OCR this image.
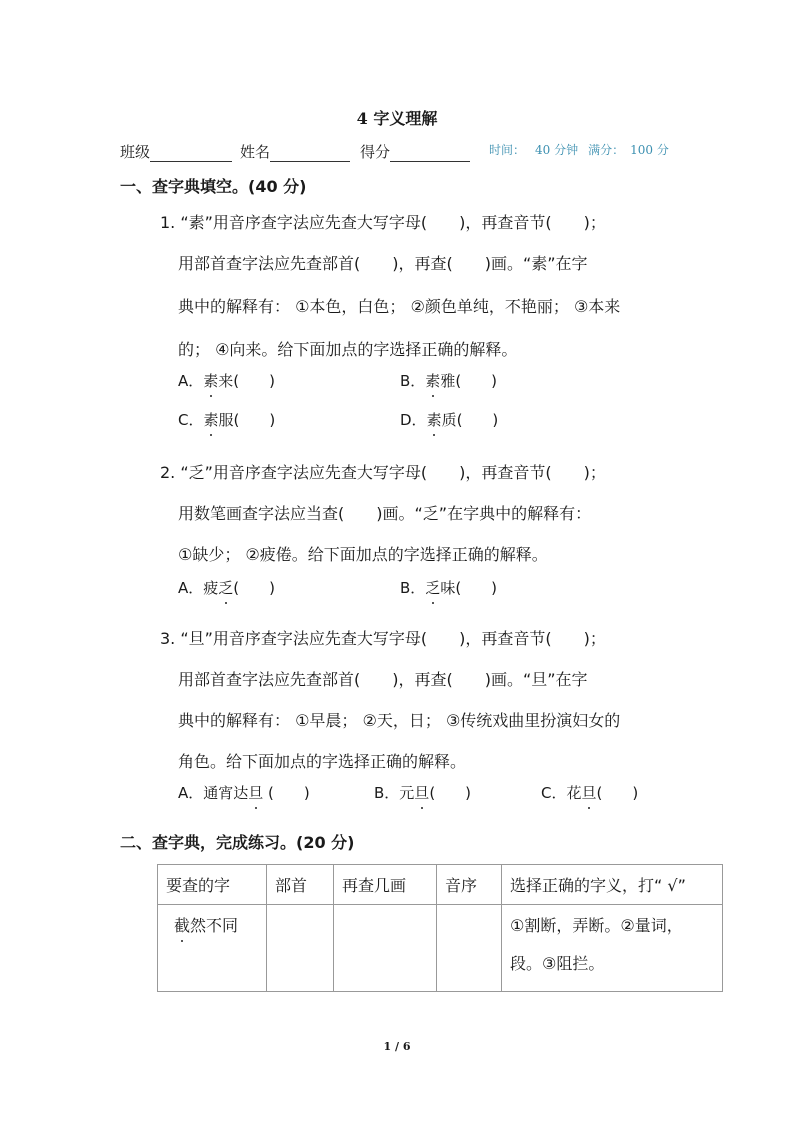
4 字义理解
班级	姓名	得分	时间： 40 分钟 满分： 100 分
一、查字典填空。(40 分)
1. “素”用音序查字法应先查大写字母(　　)，再查音节(　　)；
用部首查字法应先查部首(　　)，再查(　　)画。“素”在字
典中的解释有： ①本色，白色； ②颜色单纯，不艳丽； ③本来
的； ④向来。给下面加点的字选择正确的解释。
A．素来(　　)	B．素雅(　　)
C．素服(　　)	D．素质(　　)
2. “乏”用音序查字法应先查大写字母(　　)，再查音节(　　)；
用数笔画查字法应当查(　　)画。“乏”在字典中的解释有：
①缺少； ②疲倦。给下面加点的字选择正确的解释。
A．疲乏(　　)	B．乏味(　　)
3. “旦”用音序查字法应先查大写字母(　　)，再查音节(　　)；
用部首查字法应先查部首(　　)，再查(　　)画。“旦”在字
典中的解释有： ①早晨； ②天，日； ③传统戏曲里扮演妇女的
角色。给下面加点的字选择正确的解释。
A．通宵达旦 (　　)	B．元旦(　　)	C．花旦(　　)
二、查字典，完成练习。(20 分)
要查的字	部首	再查几画	音序	选择正确的字义，打“ √”
截然不同				①割断，弄断。②量词，
段。③阻拦。
1 / 6
